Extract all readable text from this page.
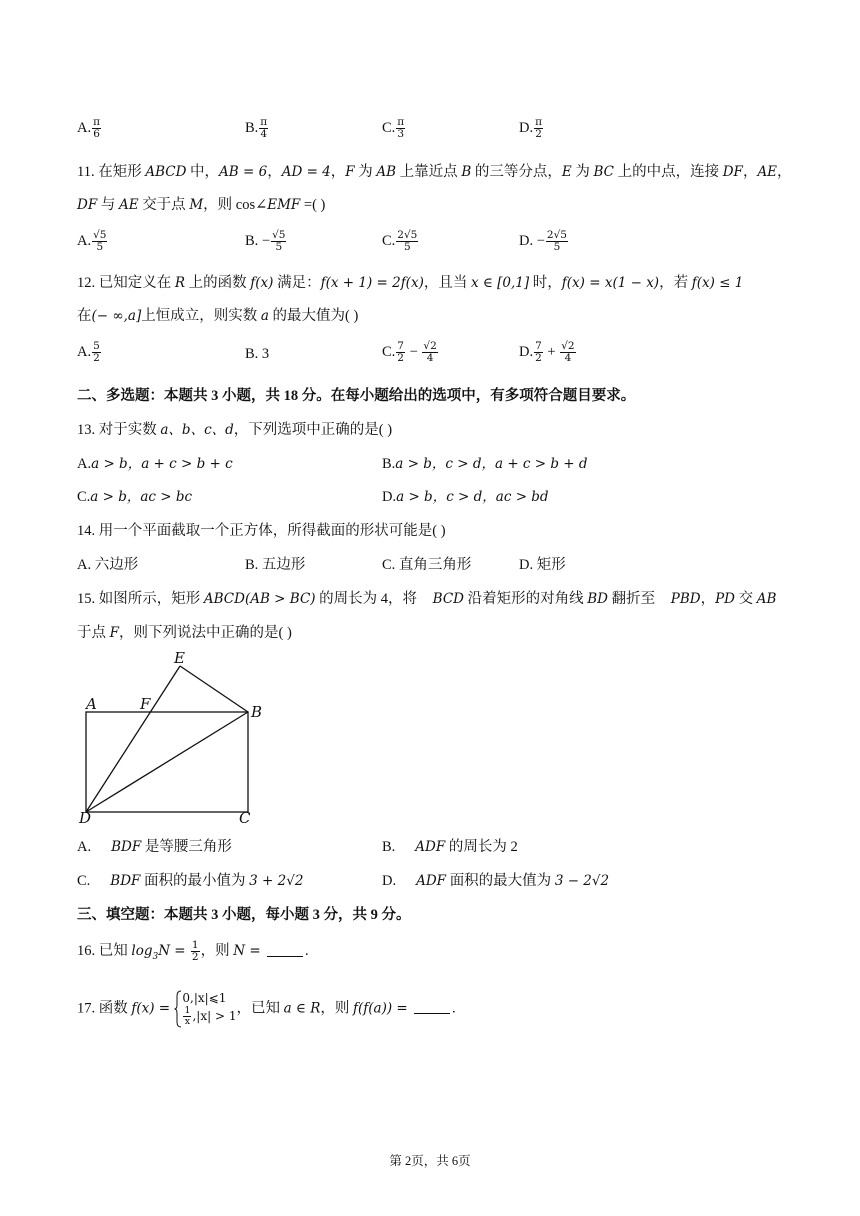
A. $\frac{\pi}{6}$	B. $\frac{\pi}{4}$	C. $\frac{\pi}{3}$	D. $\frac{\pi}{2}$
11. 在矩形 ABCD 中，AB = 6，AD = 4，F 为 AB 上靠近点 B 的三等分点，E 为 BC 上的中点，连接 DF，AE，
DF 与 AE 交于点 M，则 cos∠EMF =( )
A. $\frac{√5}{5}$	B. − $\frac{√5}{5}$	C. $\frac{2√5}{5}$	D. − $\frac{2√5}{5}$
12. 已知定义在 R 上的函数 f(x) 满足：f(x + 1) = 2f(x)，且当 x ∈ [0,1] 时，f(x) = x(1 − x)，若 f(x) ≤ 1
在(− ∞,a]上恒成立，则实数 a 的最大值为( )
A. $\frac{5}{2}$	B. 3	C. $\frac{7}{2} - \frac{√2}{4}$	D. $\frac{7}{2} + \frac{√2}{4}$
二、多选题：本题共 3 小题，共 18 分。在每小题给出的选项中，有多项符合题目要求。
13. 对于实数 a、b、c、d，下列选项中正确的是( )
A.a > b，a + c > b + c	B.a > b，c > d，a + c > b + d
C.a > b，ac > bc	D.a > b，c > d，ac > bd
14. 用一个平面截取一个正方体，所得截面的形状可能是( )
A. 六边形	B. 五边形	C. 直角三角形	D. 矩形
15. 如图所示，矩形 ABCD(AB > BC) 的周长为 4，将 BCD 沿着矩形的对角线 BD 翻折至 PBD，PD 交 AB
于点 F，则下列说法中正确的是( )
E
A	F	B
D	C
A. BDF 是等腰三角形	B. ADF 的周长为 2
C. BDF 面积的最小值为 3 + 2√2	D. ADF 面积的最大值为 3 − 2√2
三、填空题：本题共 3 小题，每小题 3 分，共 9 分。
16. 已知 $\log_3N = \frac{1}{2}$ ，则 N =	.
17. 函数 f(x) =
0,|x|⩽1
$\frac{1}{x} ,|x| > 1$ ，已知 a ∈ R，则 f(f(a)) =	.
第 2页，共 6页
